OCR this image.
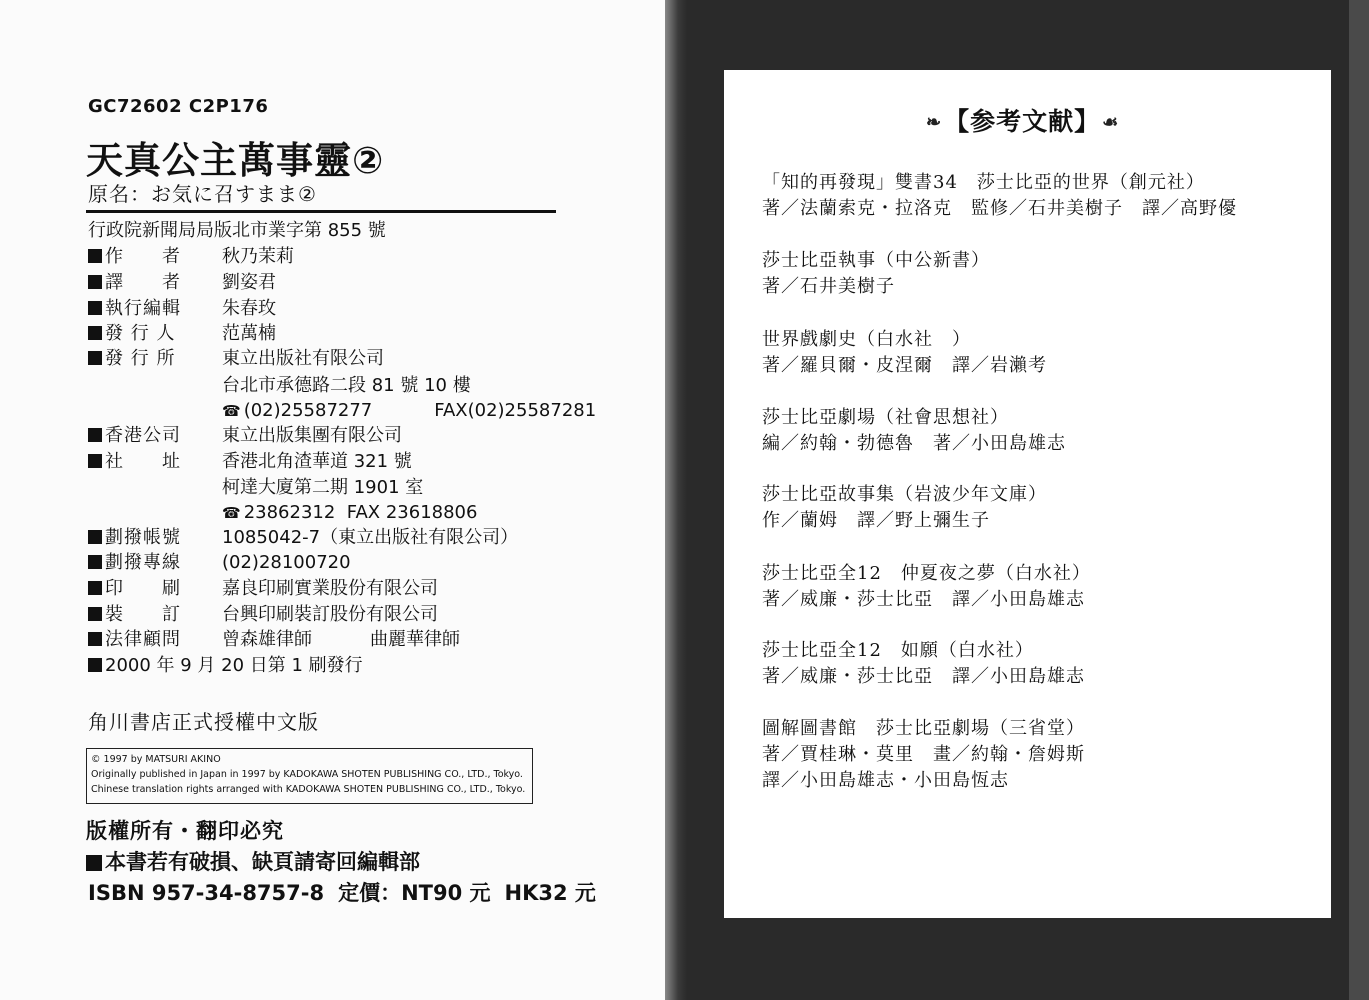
GC72602 C2P176
天真公主萬事靈②
原名：お気に召すまま②
行政院新聞局局版北市業字第 855 號
作　　者 秋乃茉莉
譯　　者 劉姿君
執行編輯 朱春玫
發 行 人	范萬楠
發 行 所	東立出版社有限公司
台北市承德路二段 81 號 10 樓
☎ (02)25587277	FAX(02)25587281
香港公司 東立出版集團有限公司
社　　址 香港北角渣華道 321 號
柯達大廈第二期 1901 室
☎ 23862312 FAX 23618806
劃撥帳號 1085042-7（東立出版社有限公司）
劃撥專線 (02)28100720
印　　刷 嘉良印刷實業股份有限公司
裝　　訂 台興印刷裝訂股份有限公司
法律顧問 曾森雄律師	曲麗華律師
2000 年 9 月 20 日第 1 刷發行
角川書店正式授權中文版
© 1997 by MATSURI AKINO
Originally published in Japan in 1997 by KADOKAWA SHOTEN PUBLISHING CO., LTD., Tokyo.
Chinese translation rights arranged with KADOKAWA SHOTEN PUBLISHING CO., LTD., Tokyo.
版權所有・翻印必究
本書若有破損、缺頁請寄回編輯部
ISBN 957-34-8757-8 定價：NT90 元 HK32 元
❧【参考文献】 ☙
「知的再發現」雙書34　莎士比亞的世界（創元社）
著／法蘭索克・拉洛克　監修／石井美樹子　譯／高野優
莎士比亞執事（中公新書）
著／石井美樹子
世界戲劇史（白水社　）
著／羅貝爾・皮涅爾　譯／岩瀨考
莎士比亞劇場（社會思想社）
編／約翰・勃德魯　著／小田島雄志
莎士比亞故事集（岩波少年文庫）
作／蘭姆　譯／野上彌生子
莎士比亞全12　仲夏夜之夢（白水社）
著／威廉・莎士比亞　譯／小田島雄志
莎士比亞全12　如願（白水社）
著／威廉・莎士比亞　譯／小田島雄志
圖解圖書館　莎士比亞劇場（三省堂）
著／賈桂琳・莫里　畫／約翰・詹姆斯
譯／小田島雄志・小田島恆志
